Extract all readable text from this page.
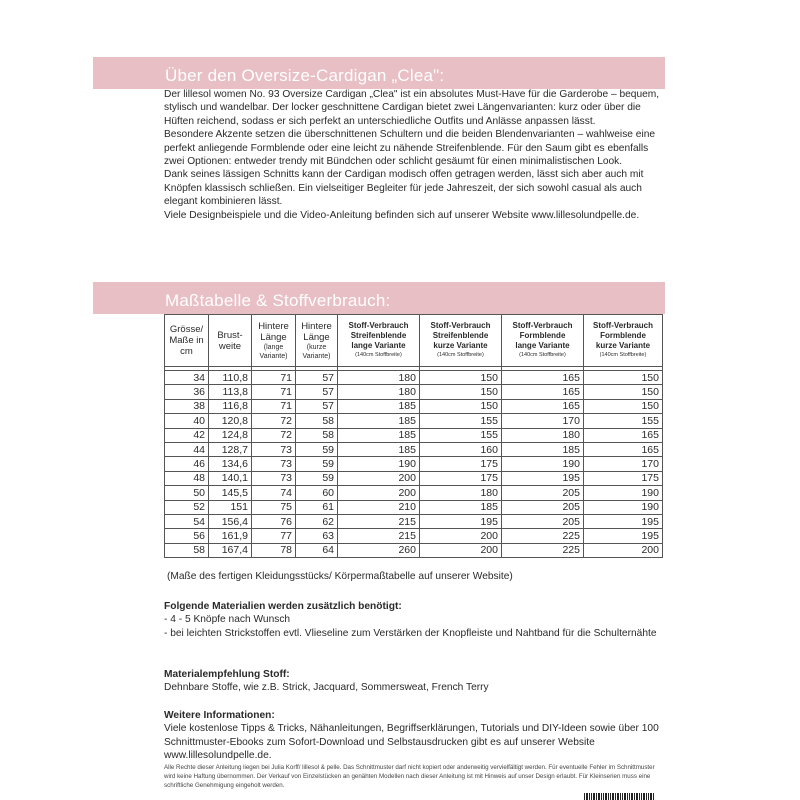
Über den Oversize-Cardigan „Clea":

Der lillesol women No. 93 Oversize Cardigan „Clea" ist ein absolutes Must-Have für die Garderobe – bequem, stylisch und wandelbar. Der locker geschnittene Cardigan bietet zwei Längenvarianten: kurz oder über die Hüften reichend, sodass er sich perfekt an unterschiedliche Outfits und Anlässe anpassen lässt.

Besondere Akzente setzen die überschnittenen Schultern und die beiden Blendenvarianten – wahlweise eine perfekt anliegende Formblende oder eine leicht zu nähende Streifenblende. Für den Saum gibt es ebenfalls zwei Optionen: entweder trendy mit Bündchen oder schlicht gesäumt für einen minimalistischen Look.

Dank seines lässigen Schnitts kann der Cardigan modisch offen getragen werden, lässt sich aber auch mit Knöpfen klassisch schließen. Ein vielseitiger Begleiter für jede Jahreszeit, der sich sowohl casual als auch elegant kombinieren lässt.

Viele Designbeispiele und die Video-Anleitung befinden sich auf unserer Website www.lillesolundpelle.de.

Maßtabelle & Stoffverbrauch:
Grösse/
Maße in
cm	Brust-
weite	Hintere
Länge

(lange
Variante)	Hintere
Länge

(kurze
Variante)	Stoff-Verbrauch
Streifenblende
lange Variante

(140cm Stoffbreite)	Stoff-Verbrauch
Streifenblende
kurze Variante

(140cm Stoffbreite)	Stoff-Verbrauch
Formblende
lange Variante

(140cm Stoffbreite)	Stoff-Verbrauch
Formblende
kurze Variante

(140cm Stoffbreite)

34	110,8	71	57	180	150	165	150
36	113,8	71	57	180	150	165	150
38	116,8	71	57	185	150	165	150
40	120,8	72	58	185	155	170	155
42	124,8	72	58	185	155	180	165
44	128,7	73	59	185	160	185	165
46	134,6	73	59	190	175	190	170
48	140,1	73	59	200	175	195	175
50	145,5	74	60	200	180	205	190
52	151	75	61	210	185	205	190
54	156,4	76	62	215	195	205	195
56	161,9	77	63	215	200	225	195
58	167,4	78	64	260	200	225	200
(Maße des fertigen Kleidungsstücks/ Körpermaßtabelle auf unserer Website)
Folgende Materialien werden zusätzlich benötigt:
- 4 - 5 Knöpfe nach Wunsch
- bei leichten Strickstoffen evtl. Vlieseline zum Verstärken der Knopfleiste und Nahtband für die Schulternähte
Materialempfehlung Stoff:
Dehnbare Stoffe, wie z.B. Strick, Jacquard, Sommersweat, French Terry
Weitere Informationen:
Viele kostenlose Tipps & Tricks, Nähanleitungen, Begriffserklärungen, Tutorials und DIY-Ideen sowie über 100 Schnittmuster-Ebooks zum Sofort-Download und Selbstausdrucken gibt es auf unserer Website www.lillesolundpelle.de.
Alle Rechte dieser Anleitung liegen bei Julia Korff/ lillesol & pelle. Das Schnittmuster darf nicht kopiert oder anderweitig vervielfältigt werden. Für eventuelle Fehler im Schnittmuster wird keine Haftung übernommen. Der Verkauf von Einzelstücken an genähten Modellen nach dieser Anleitung ist mit Hinweis auf unser Design erlaubt. Für Kleinserien muss eine schriftliche Genehmigung eingeholt werden.
